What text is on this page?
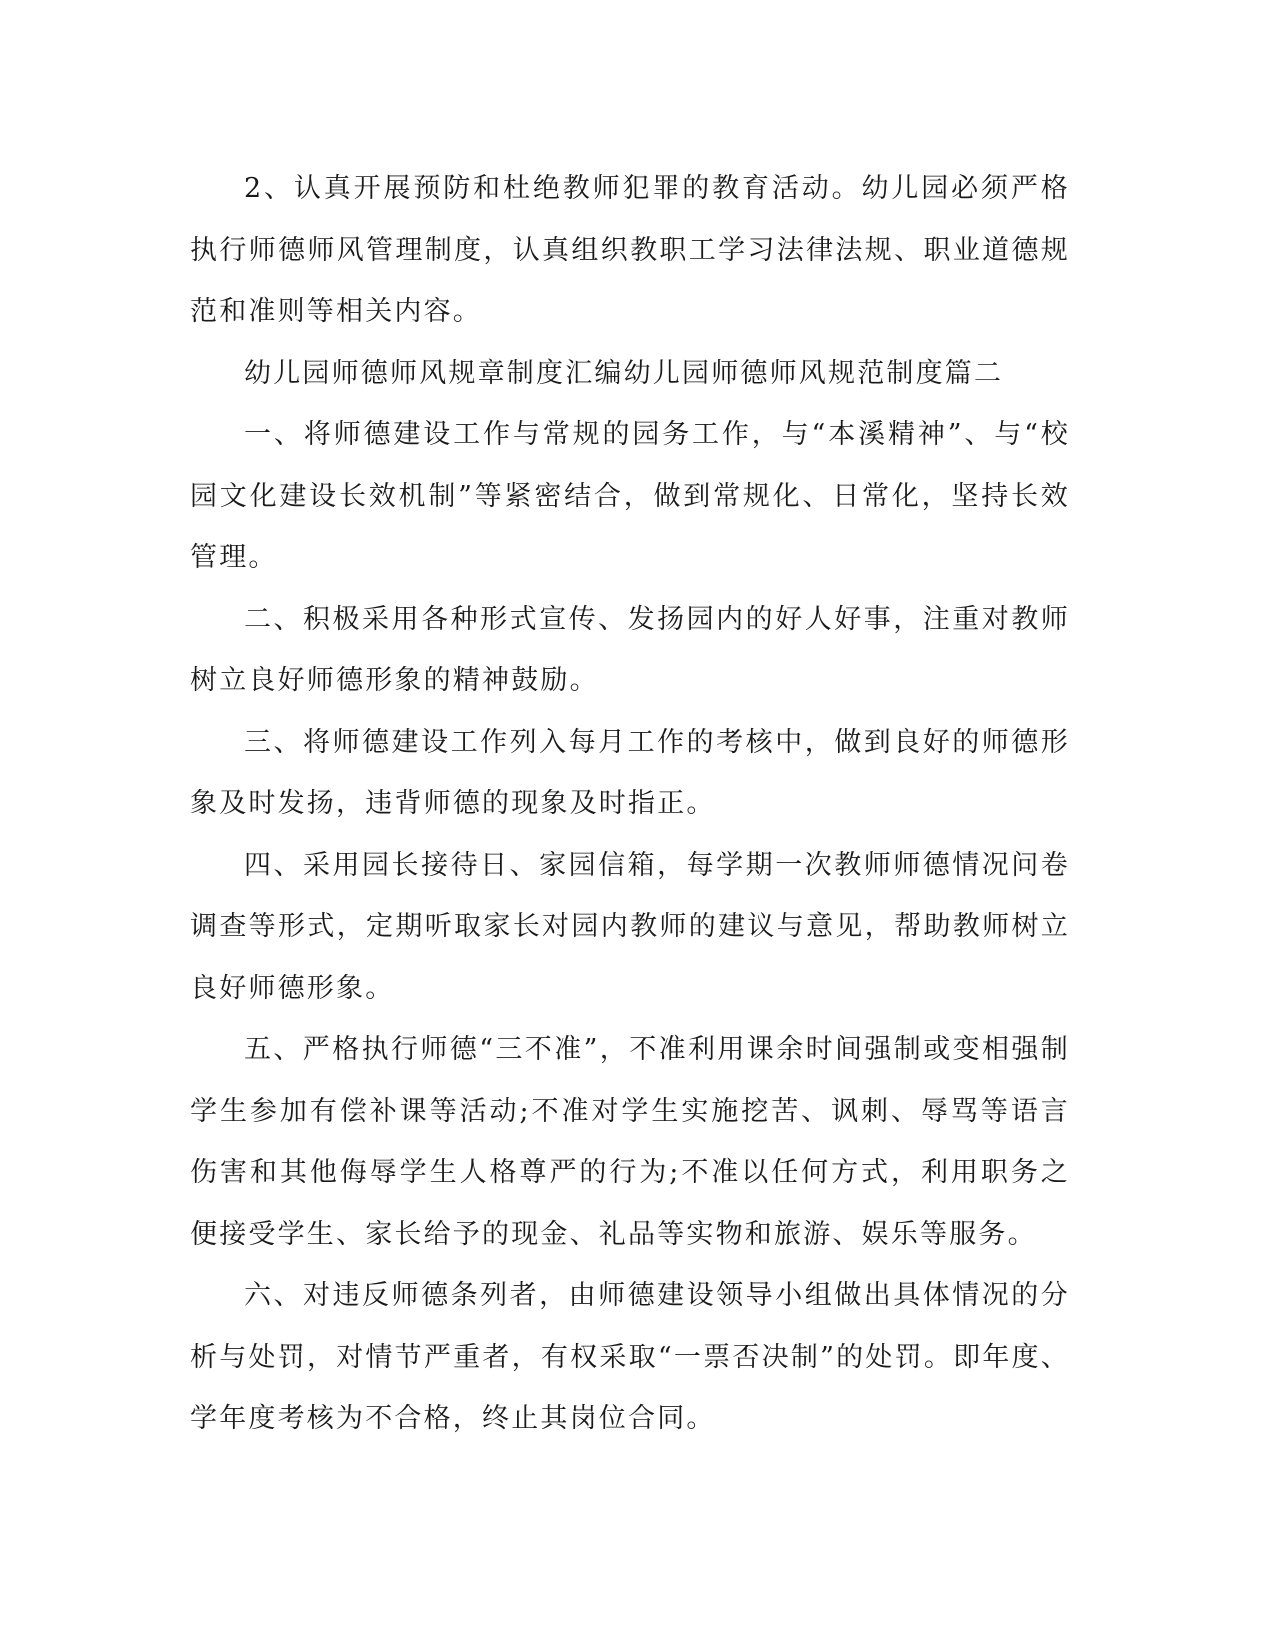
2、认真开展预防和杜绝教师犯罪的教育活动。幼儿园必须严格执行师德师风管理制度，认真组织教职工学习法律法规、职业道德规范和准则等相关内容。

幼儿园师德师风规章制度汇编幼儿园师德师风规范制度篇二

一、将师德建设工作与常规的园务工作，与“本溪精神”、与“校园文化建设长效机制”等紧密结合，做到常规化、日常化，坚持长效管理。

二、积极采用各种形式宣传、发扬园内的好人好事，注重对教师树立良好师德形象的精神鼓励。

三、将师德建设工作列入每月工作的考核中，做到良好的师德形象及时发扬，违背师德的现象及时指正。

四、采用园长接待日、家园信箱，每学期一次教师师德情况问卷调查等形式，定期听取家长对园内教师的建议与意见，帮助教师树立良好师德形象。

五、严格执行师德“三不准”，不准利用课余时间强制或变相强制学生参加有偿补课等活动;不准对学生实施挖苦、讽刺、辱骂等语言伤害和其他侮辱学生人格尊严的行为;不准以任何方式，利用职务之便接受学生、家长给予的现金、礼品等实物和旅游、娱乐等服务。

六、对违反师德条列者，由师德建设领导小组做出具体情况的分析与处罚，对情节严重者，有权采取“一票否决制”的处罚。即年度、学年度考核为不合格，终止其岗位合同。
